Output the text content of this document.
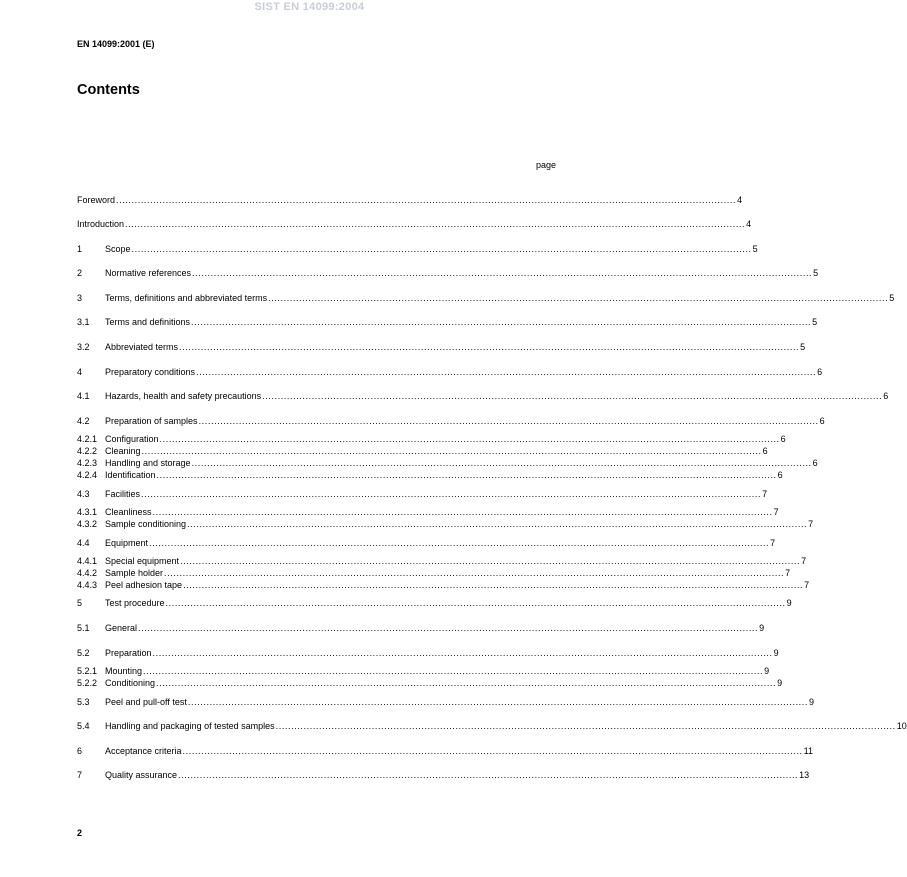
SIST EN 14099:2004
EN 14099:2001 (E)
Contents
page
Foreword ........................................................................................................................................................................................................ 4
Introduction ........................................................................................................................................................................................................ 4
1	Scope ........................................................................................................................................................................................................ 5
2	Normative references ........................................................................................................................................................................................................ 5
3	Terms, definitions and abbreviated terms ........................................................................................................................................................................................................ 5
3.1	Terms and definitions ........................................................................................................................................................................................................ 5
3.2	Abbreviated terms ........................................................................................................................................................................................................ 5
4	Preparatory conditions ........................................................................................................................................................................................................ 6
4.1	Hazards, health and safety precautions ........................................................................................................................................................................................................ 6
4.2	Preparation of samples ........................................................................................................................................................................................................ 6
4.2.1 Configuration ........................................................................................................................................................................................................ 6
4.2.2 Cleaning ........................................................................................................................................................................................................ 6
4.2.3 Handling and storage ........................................................................................................................................................................................................ 6
4.2.4 Identification ........................................................................................................................................................................................................ 6
4.3	Facilities ........................................................................................................................................................................................................ 7
4.3.1 Cleanliness ........................................................................................................................................................................................................ 7
4.3.2 Sample conditioning ........................................................................................................................................................................................................ 7
4.4	Equipment ........................................................................................................................................................................................................ 7
4.4.1 Special equipment ........................................................................................................................................................................................................ 7
4.4.2 Sample holder ........................................................................................................................................................................................................ 7
4.4.3 Peel adhesion tape ........................................................................................................................................................................................................ 7
5	Test procedure ........................................................................................................................................................................................................ 9
5.1	General ........................................................................................................................................................................................................ 9
5.2	Preparation ........................................................................................................................................................................................................ 9
5.2.1 Mounting ........................................................................................................................................................................................................ 9
5.2.2 Conditioning ........................................................................................................................................................................................................ 9
5.3	Peel and pull-off test ........................................................................................................................................................................................................ 9
5.4	Handling and packaging of tested samples ........................................................................................................................................................................................................ 10
6	Acceptance criteria ........................................................................................................................................................................................................ 11
7	Quality assurance ........................................................................................................................................................................................................ 13
2
